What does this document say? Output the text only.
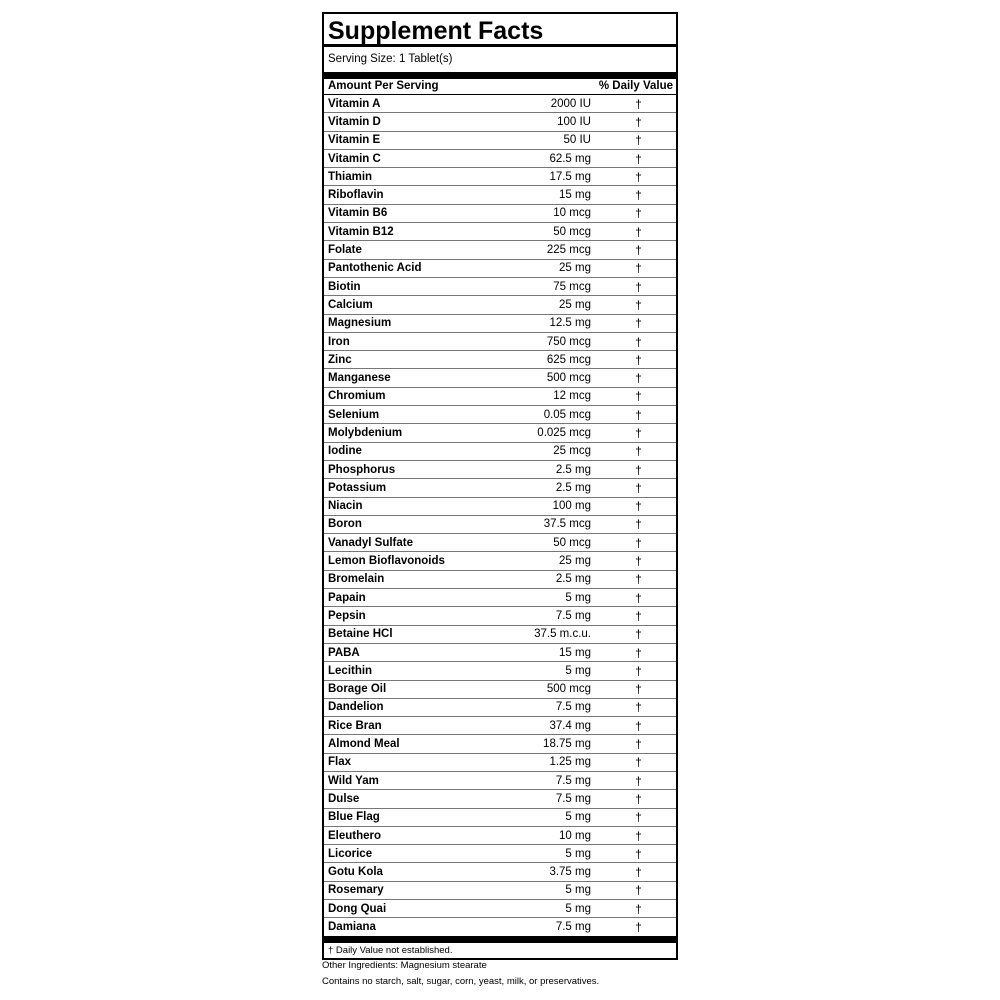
Supplement Facts
Serving Size: 1 Tablet(s)
Amount Per Serving	% Daily Value
Vitamin A	2000 IU	†
Vitamin D	100 IU	†
Vitamin E	50 IU	†
Vitamin C	62.5 mg	†
Thiamin	17.5 mg	†
Riboflavin	15 mg	†
Vitamin B6	10 mcg	†
Vitamin B12	50 mcg	†
Folate	225 mcg	†
Pantothenic Acid	25 mg	†
Biotin	75 mcg	†
Calcium	25 mg	†
Magnesium	12.5 mg	†
Iron	750 mcg	†
Zinc	625 mcg	†
Manganese	500 mcg	†
Chromium	12 mcg	†
Selenium	0.05 mcg	†
Molybdenium	0.025 mcg	†
Iodine	25 mcg	†
Phosphorus	2.5 mg	†
Potassium	2.5 mg	†
Niacin	100 mg	†
Boron	37.5 mcg	†
Vanadyl Sulfate	50 mcg	†
Lemon Bioflavonoids	25 mg	†
Bromelain	2.5 mg	†
Papain	5 mg	†
Pepsin	7.5 mg	†
Betaine HCl	37.5 m.c.u.	†
PABA	15 mg	†
Lecithin	5 mg	†
Borage Oil	500 mcg	†
Dandelion	7.5 mg	†
Rice Bran	37.4 mg	†
Almond Meal	18.75 mg	†
Flax	1.25 mg	†
Wild Yam	7.5 mg	†
Dulse	7.5 mg	†
Blue Flag	5 mg	†
Eleuthero	10 mg	†
Licorice	5 mg	†
Gotu Kola	3.75 mg	†
Rosemary	5 mg	†
Dong Quai	5 mg	†
Damiana	7.5 mg	†
† Daily Value not established.
Other Ingredients: Magnesium stearate
Contains no starch, salt, sugar, corn, yeast, milk, or preservatives.
